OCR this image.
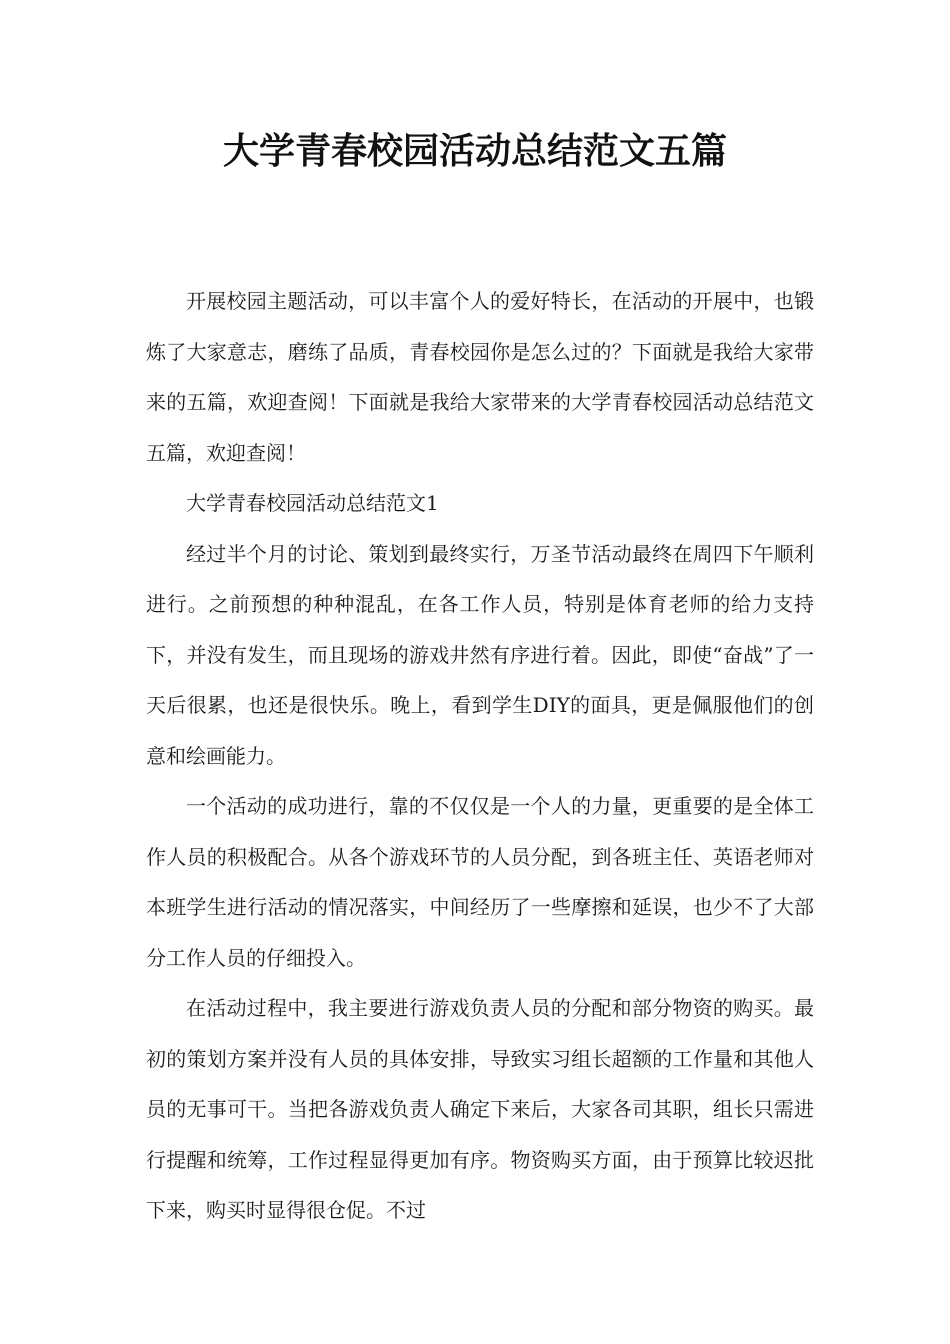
大学青春校园活动总结范文五篇

开展校园主题活动，可以丰富个人的爱好特长，在活动的开展中，也锻炼了大家意志，磨练了品质，青春校园你是怎么过的？下面就是我给大家带来的五篇，欢迎查阅！下面就是我给大家带来的大学青春校园活动总结范文五篇，欢迎查阅！

大学青春校园活动总结范文1

经过半个月的讨论、策划到最终实行，万圣节活动最终在周四下午顺利进行。之前预想的种种混乱，在各工作人员，特别是体育老师的给力支持下，并没有发生，而且现场的游戏井然有序进行着。因此，即使“奋战”了一天后很累，也还是很快乐。晚上，看到学生DIY的面具，更是佩服他们的创意和绘画能力。

一个活动的成功进行，靠的不仅仅是一个人的力量，更重要的是全体工作人员的积极配合。从各个游戏环节的人员分配，到各班主任、英语老师对本班学生进行活动的情况落实，中间经历了一些摩擦和延误，也少不了大部分工作人员的仔细投入。

在活动过程中，我主要进行游戏负责人员的分配和部分物资的购买。最初的策划方案并没有人员的具体安排，导致实习组长超额的工作量和其他人员的无事可干。当把各游戏负责人确定下来后，大家各司其职，组长只需进行提醒和统筹，工作过程显得更加有序。物资购买方面，由于预算比较迟批下来，购买时显得很仓促。不过
